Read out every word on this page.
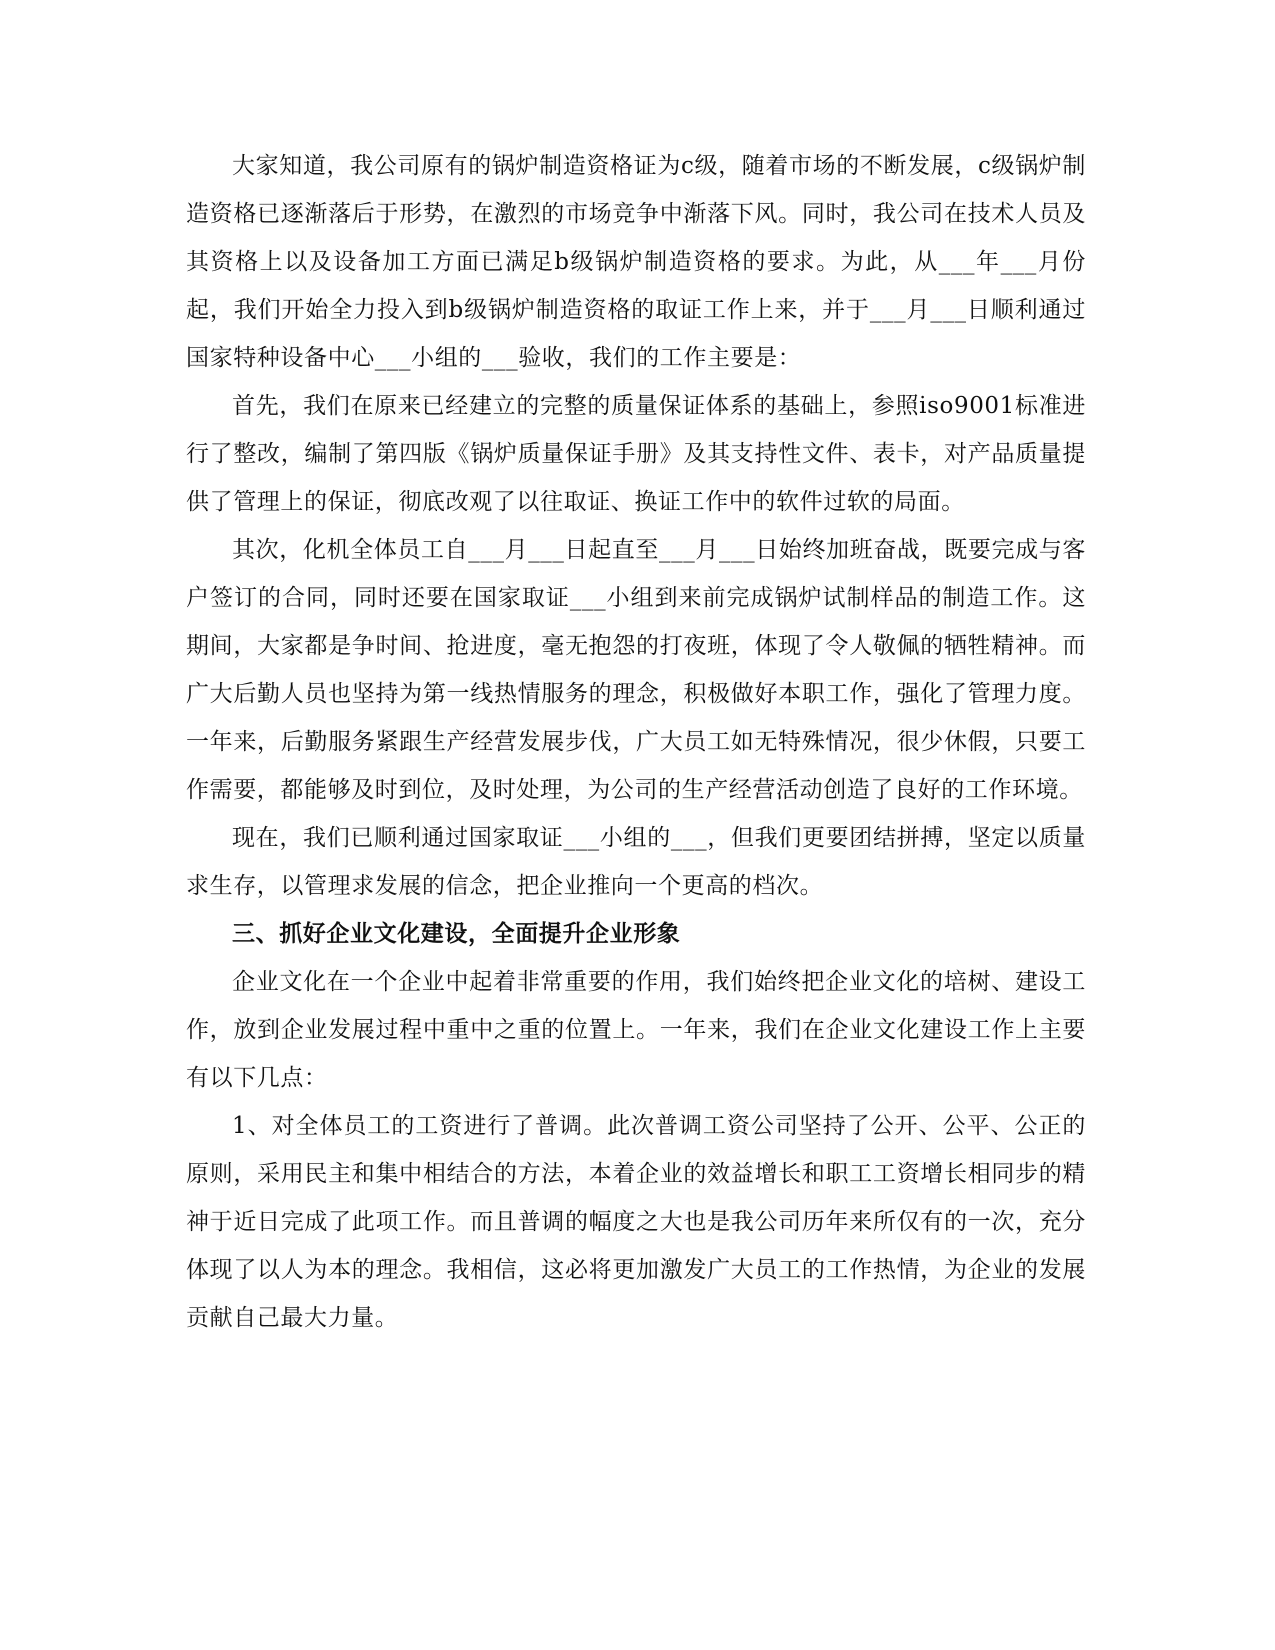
大家知道，我公司原有的锅炉制造资格证为c级，随着市场的不断发展，c级锅炉制造资格已逐渐落后于形势，在激烈的市场竞争中渐落下风。同时，我公司在技术人员及其资格上以及设备加工方面已满足b级锅炉制造资格的要求。为此，从___年___月份起，我们开始全力投入到b级锅炉制造资格的取证工作上来，并于___月___日顺利通过国家特种设备中心___小组的___验收，我们的工作主要是：

首先，我们在原来已经建立的完整的质量保证体系的基础上，参照iso9001标准进行了整改，编制了第四版《锅炉质量保证手册》及其支持性文件、表卡，对产品质量提供了管理上的保证，彻底改观了以往取证、换证工作中的软件过软的局面。

其次，化机全体员工自___月___日起直至___月___日始终加班奋战，既要完成与客户签订的合同，同时还要在国家取证___小组到来前完成锅炉试制样品的制造工作。这期间，大家都是争时间、抢进度，毫无抱怨的打夜班，体现了令人敬佩的牺牲精神。而广大后勤人员也坚持为第一线热情服务的理念，积极做好本职工作，强化了管理力度。一年来，后勤服务紧跟生产经营发展步伐，广大员工如无特殊情况，很少休假，只要工作需要，都能够及时到位，及时处理，为公司的生产经营活动创造了良好的工作环境。

现在，我们已顺利通过国家取证___小组的___，但我们更要团结拼搏，坚定以质量求生存，以管理求发展的信念，把企业推向一个更高的档次。

三、抓好企业文化建设，全面提升企业形象

企业文化在一个企业中起着非常重要的作用，我们始终把企业文化的培树、建设工作，放到企业发展过程中重中之重的位置上。一年来，我们在企业文化建设工作上主要有以下几点：

1、对全体员工的工资进行了普调。此次普调工资公司坚持了公开、公平、公正的原则，采用民主和集中相结合的方法，本着企业的效益增长和职工工资增长相同步的精神于近日完成了此项工作。而且普调的幅度之大也是我公司历年来所仅有的一次，充分体现了以人为本的理念。我相信，这必将更加激发广大员工的工作热情，为企业的发展贡献自己最大力量。
